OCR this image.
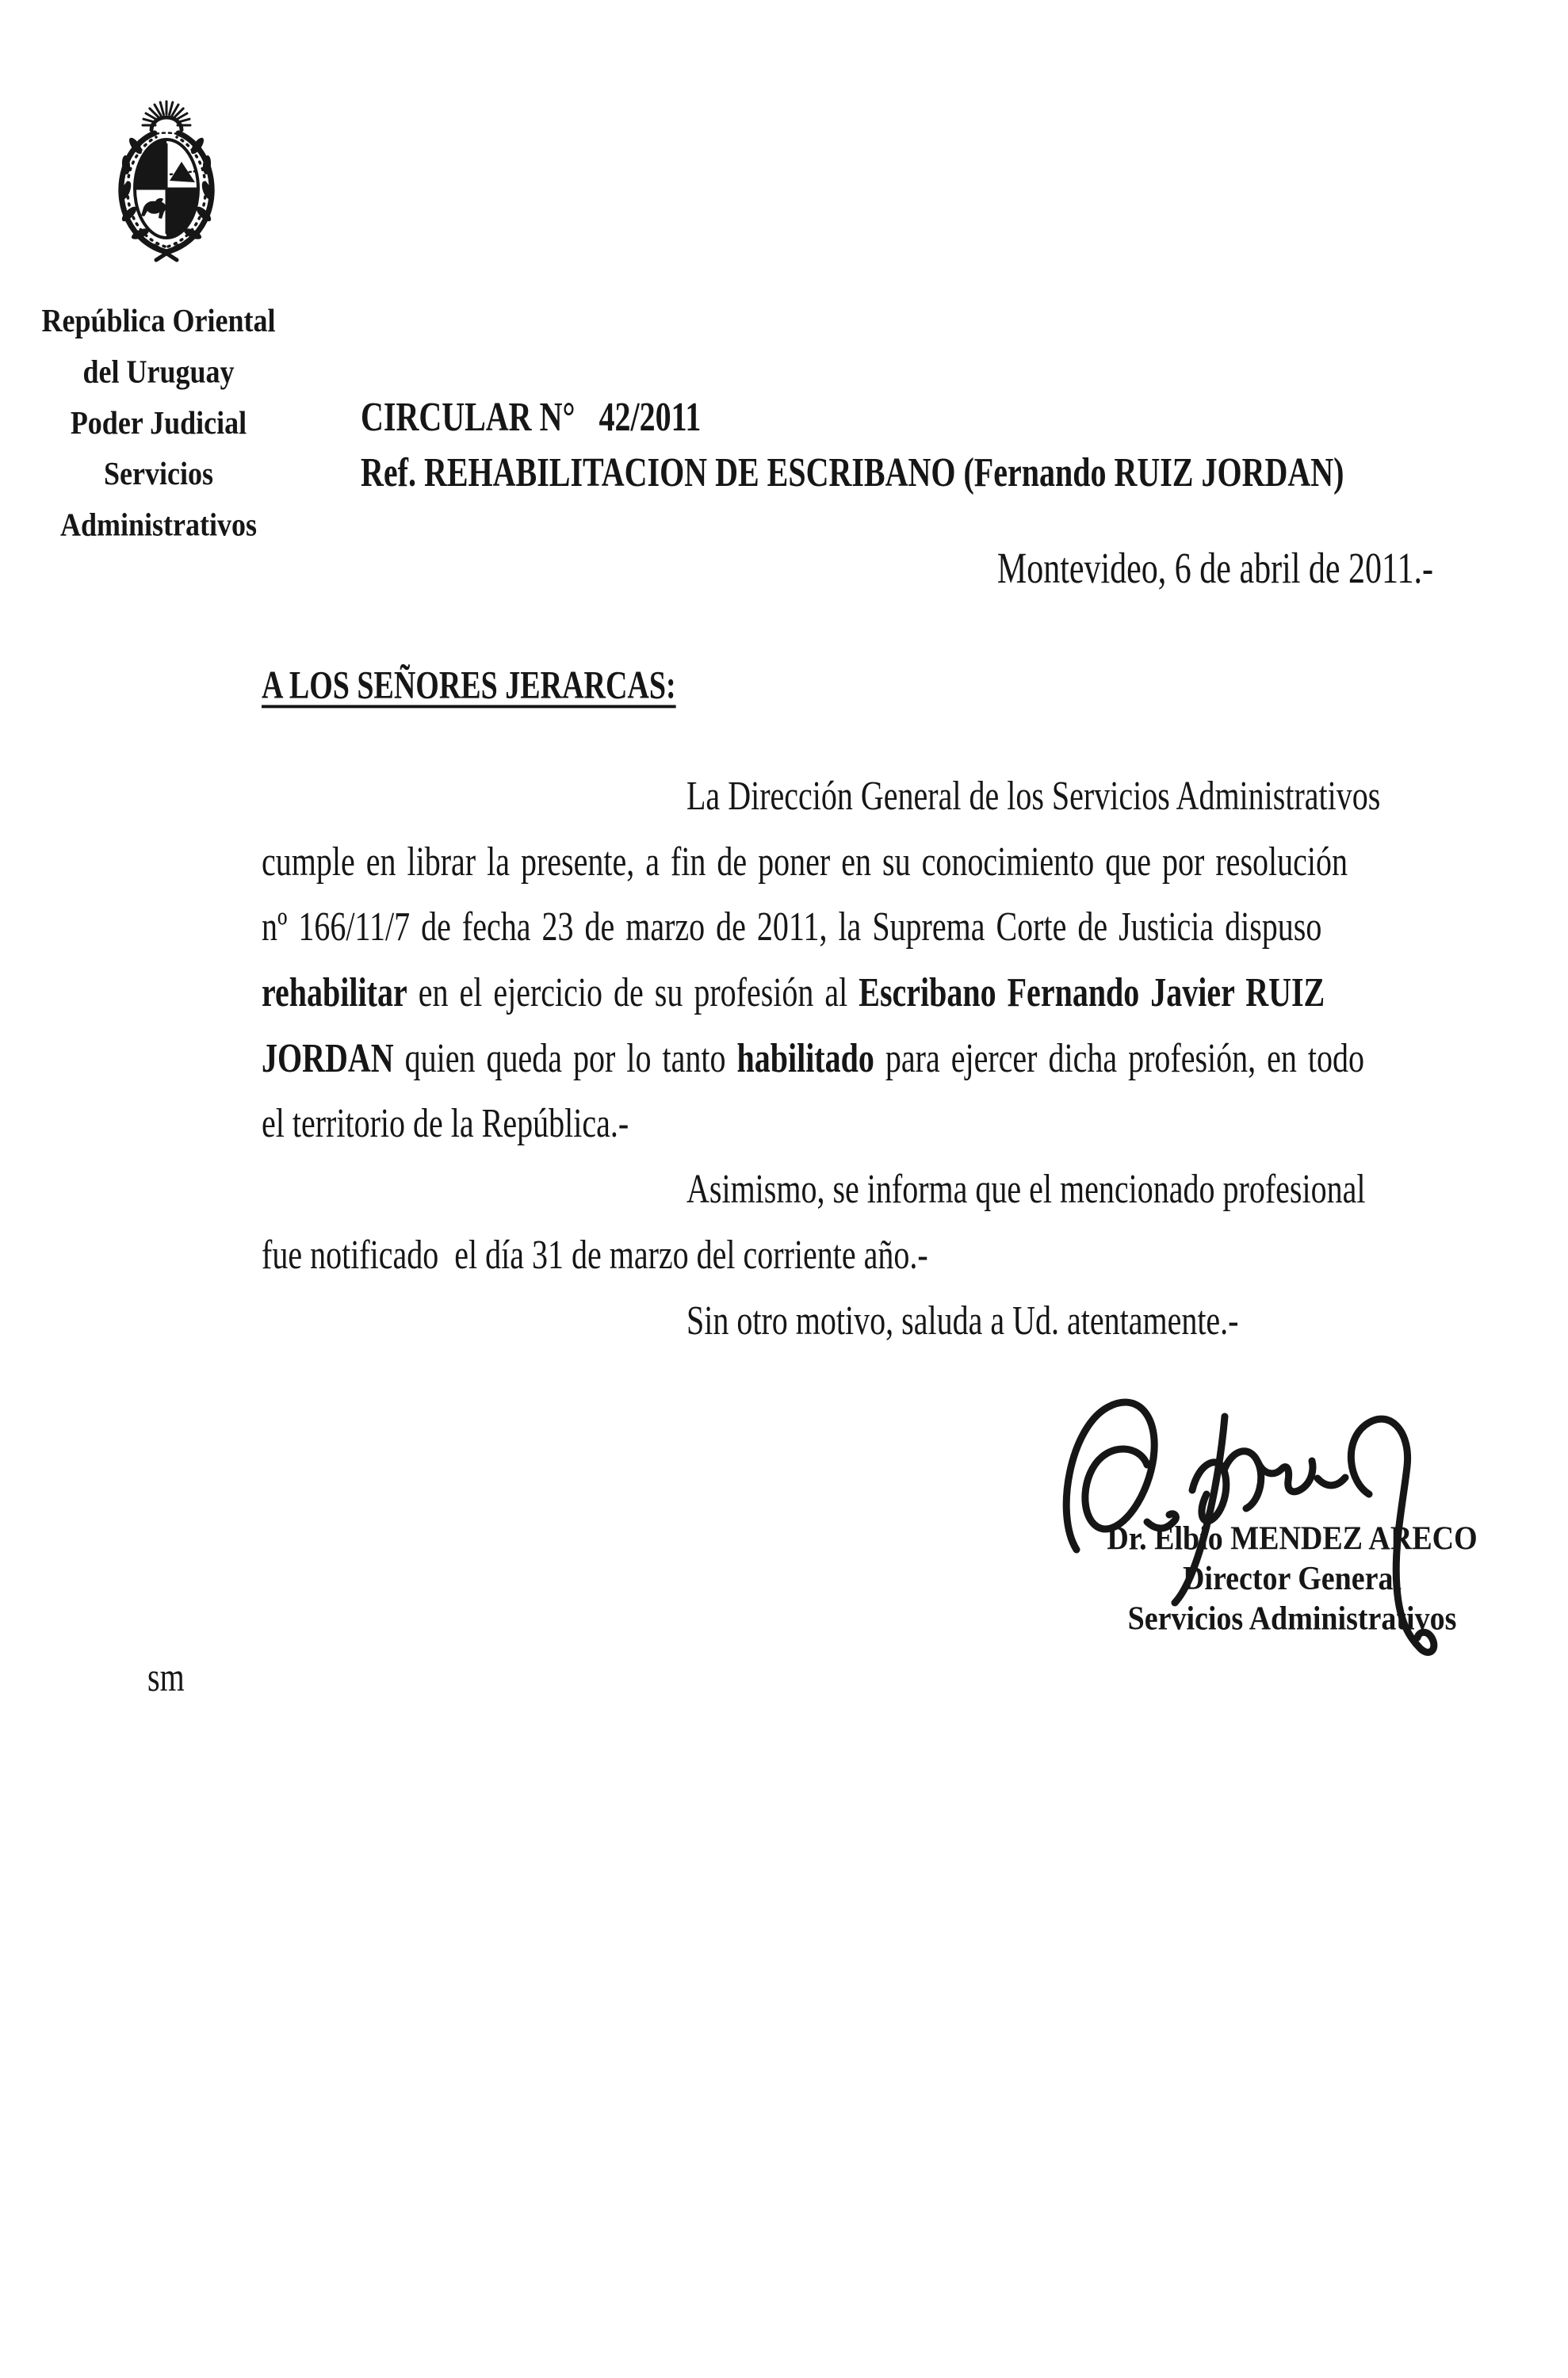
República Oriental
del Uruguay
Poder Judicial
Servicios
Administrativos
CIRCULAR N°   42/2011
Ref. REHABILITACION DE ESCRIBANO (Fernando RUIZ JORDAN)
Montevideo, 6 de abril de 2011.-
A LOS SEÑORES JERARCAS:
La Dirección General de los Servicios Administrativos
cumple en librar la presente, a fin de poner en su conocimiento que por resolución
nº 166/11/7 de fecha 23 de marzo de 2011, la Suprema Corte de Justicia dispuso
rehabilitar en el ejercicio de su profesión al Escribano Fernando Javier RUIZ
JORDAN quien queda por lo tanto habilitado para ejercer dicha profesión, en todo
el territorio de la República.-
Asimismo, se informa que el mencionado profesional
fue notificado  el día 31 de marzo del corriente año.-
Sin otro motivo, saluda a Ud. atentamente.-
Dr. Elbio MENDEZ ARECO
Director General
Servicios Administrativos
sm
